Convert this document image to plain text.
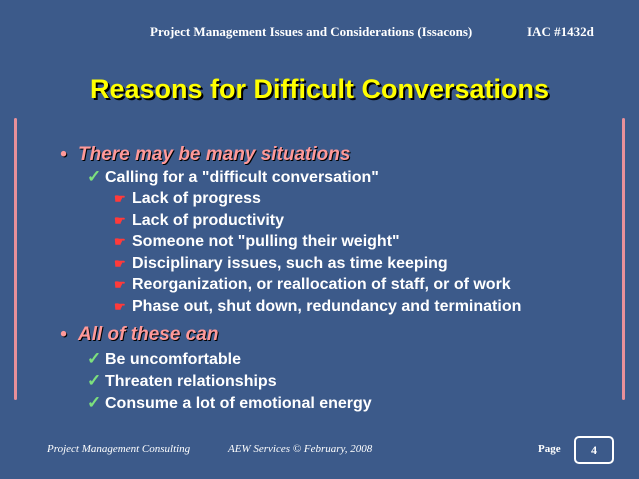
Project Management Issues and Considerations (Issacons)	IAC #1432d
Reasons for Difficult Conversations
• There may be many situations
✓ Calling for a "difficult conversation"
☛ Lack of progress
☛ Lack of productivity
☛ Someone not "pulling their weight"
☛ Disciplinary issues, such as time keeping
☛ Reorganization, or reallocation of staff, or of work
☛ Phase out, shut down, redundancy and termination
• All of these can
✓ Be uncomfortable
✓ Threaten relationships
✓ Consume a lot of emotional energy
Project Management Consulting	AEW Services © February, 2008	Page	4
